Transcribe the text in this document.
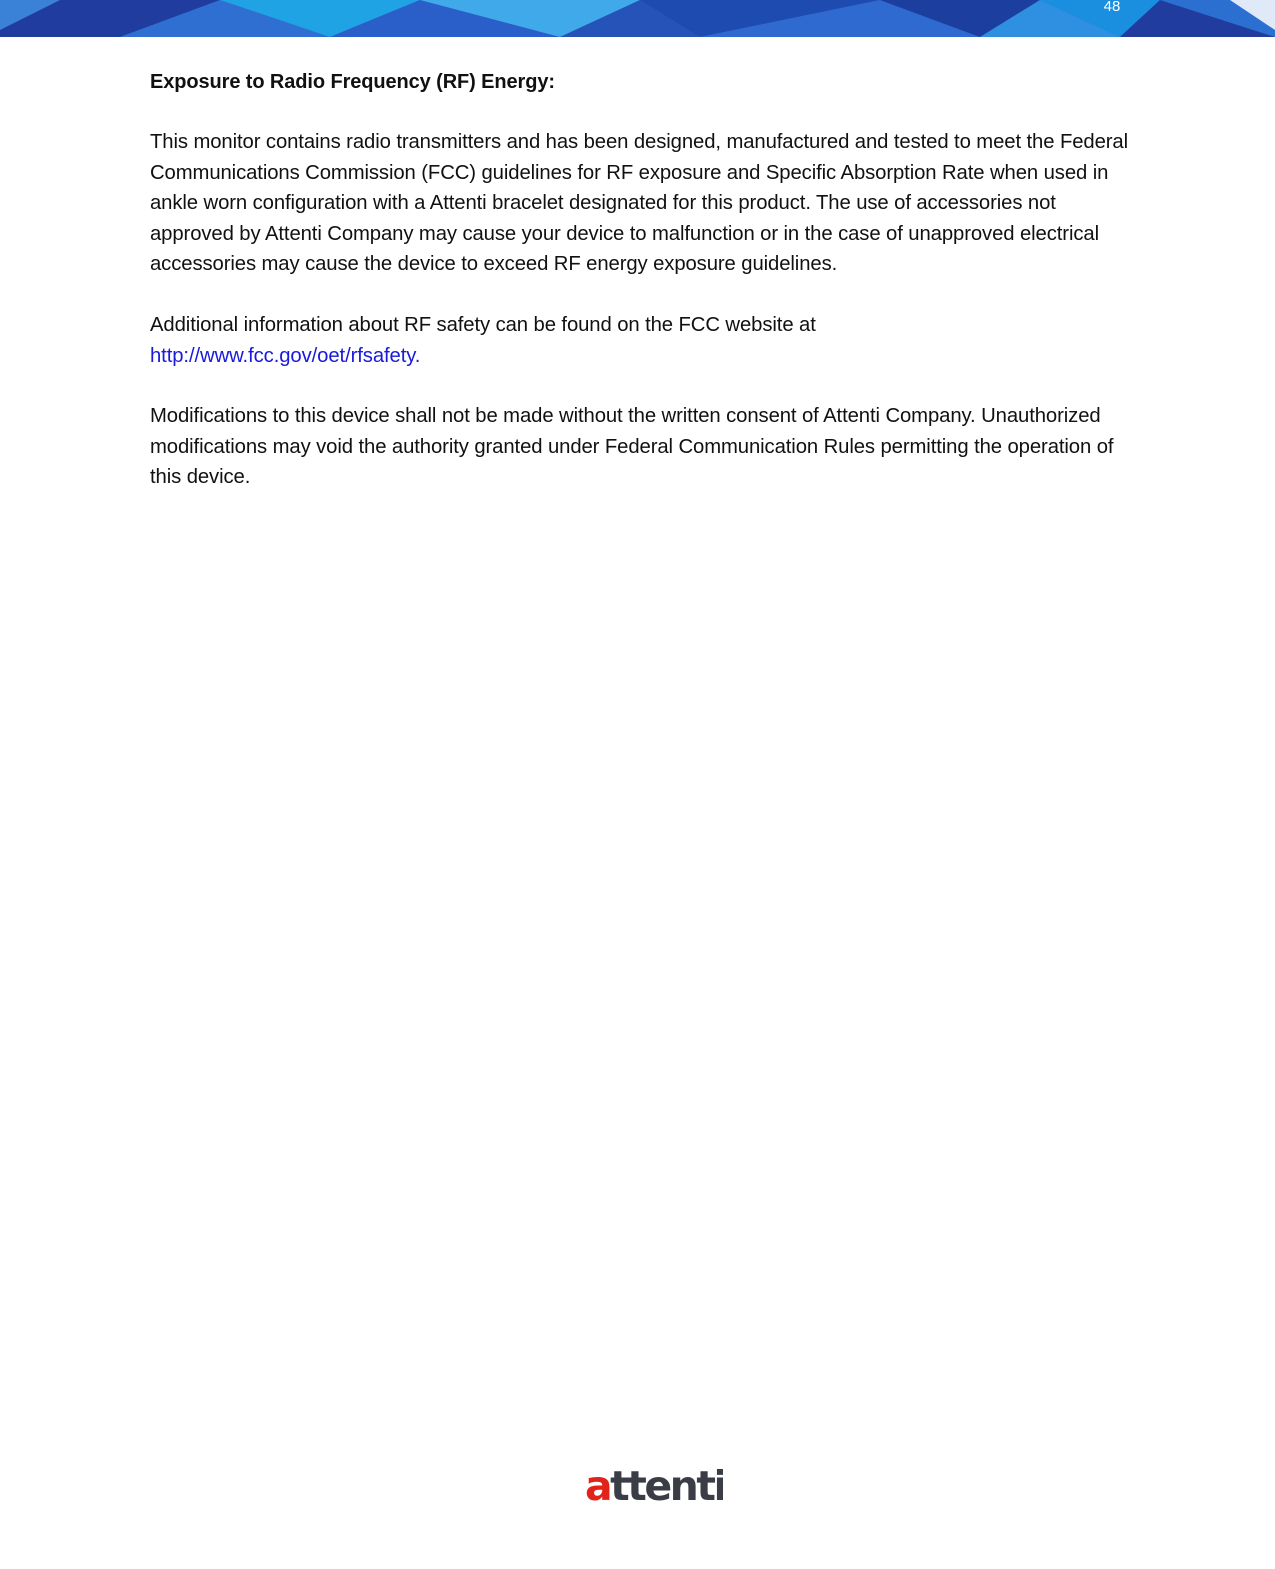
48
Exposure to Radio Frequency (RF) Energy:

This monitor contains radio transmitters and has been designed, manufactured and tested to meet the Federal Communications Commission (FCC) guidelines for RF exposure and Specific Absorption Rate when used in ankle worn configuration with a Attenti bracelet designated for this product. The use of accessories not approved by Attenti Company may cause your device to malfunction or in the case of unapproved electrical accessories may cause the device to exceed RF energy exposure guidelines.

Additional information about RF safety can be found on the FCC website at
http://www.fcc.gov/oet/rfsafety.

Modifications to this device shall not be made without the written consent of Attenti Company. Unauthorized modifications may void the authority granted under Federal Communication Rules permitting the operation of this device.

attenti
